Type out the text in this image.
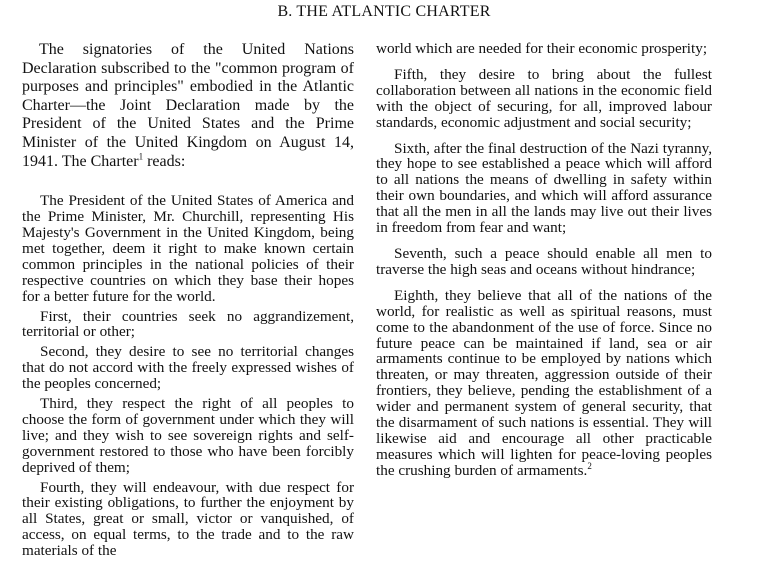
B. THE ATLANTIC CHARTER

The signatories of the United Nations Declaration subscribed to the "common program of purposes and principles" embodied in the Atlantic Charter—the Joint Declaration made by the President of the United States and the Prime Minister of the United Kingdom on August 14, 1941. The Charter$^1$ reads:

The President of the United States of America and the Prime Minister, Mr. Churchill, representing His Majesty's Government in the United Kingdom, being met together, deem it right to make known certain common principles in the national policies of their respective countries on which they base their hopes for a better future for the world.

First, their countries seek no aggrandizement, territorial or other;

Second, they desire to see no territorial changes that do not accord with the freely expressed wishes of the peoples concerned;

Third, they respect the right of all peoples to choose the form of government under which they will live; and they wish to see sovereign rights and self-government restored to those who have been forcibly deprived of them;

Fourth, they will endeavour, with due respect for their existing obligations, to further the enjoyment by all States, great or small, victor or vanquished, of access, on equal terms, to the trade and to the raw materials of the

world which are needed for their economic prosperity;

Fifth, they desire to bring about the fullest collaboration between all nations in the economic field with the object of securing, for all, improved labour standards, economic adjustment and social security;

Sixth, after the final destruction of the Nazi tyranny, they hope to see established a peace which will afford to all nations the means of dwelling in safety within their own boundaries, and which will afford assurance that all the men in all the lands may live out their lives in freedom from fear and want;

Seventh, such a peace should enable all men to traverse the high seas and oceans without hindrance;

Eighth, they believe that all of the nations of the world, for realistic as well as spiritual reasons, must come to the abandonment of the use of force. Since no future peace can be maintained if land, sea or air armaments continue to be employed by nations which threaten, or may threaten, aggression outside of their frontiers, they believe, pending the establishment of a wider and permanent system of general security, that the disarmament of such nations is essential. They will likewise aid and encourage all other practicable measures which will lighten for peace-loving peoples the crushing burden of armaments.$^2$
